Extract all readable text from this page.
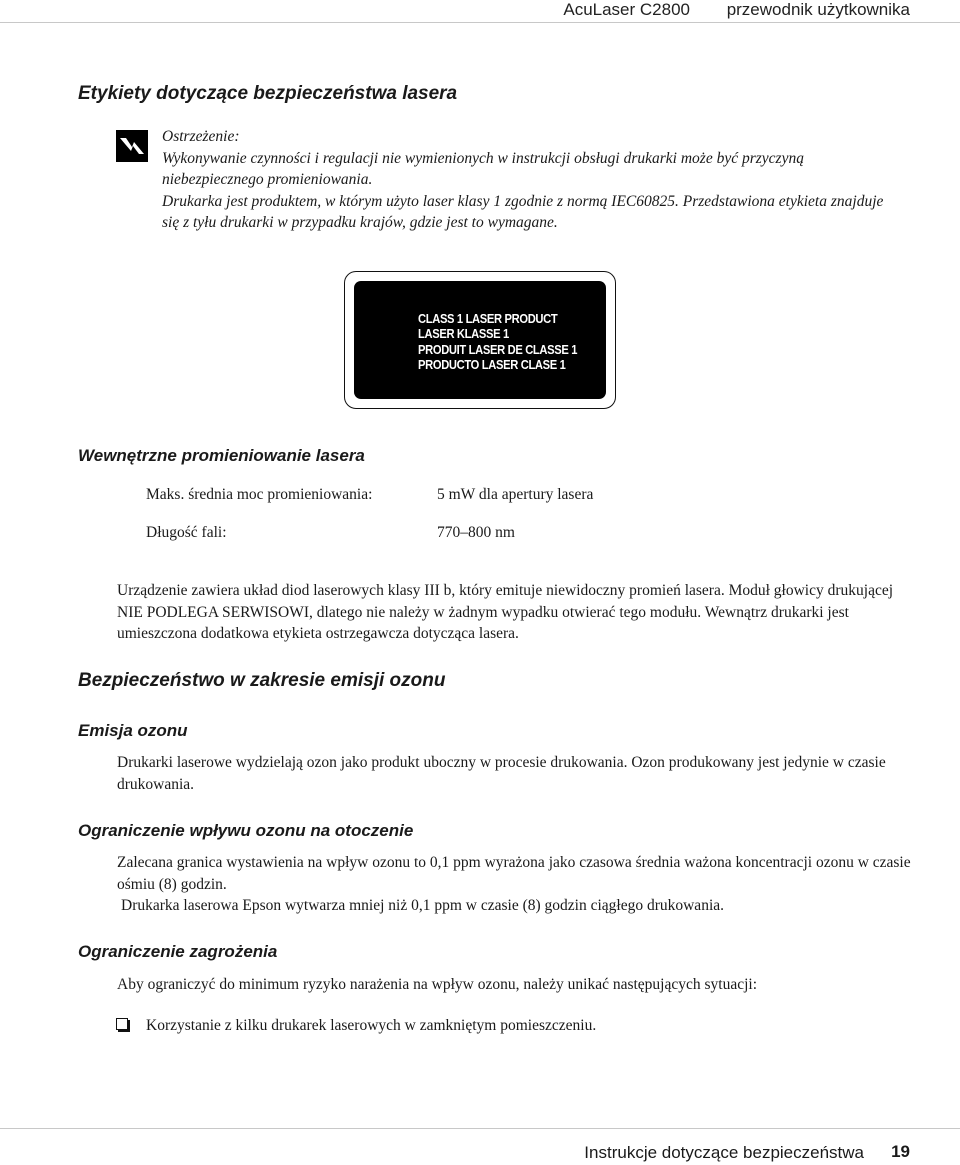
AcuLaser C2800 przewodnik użytkownika
Etykiety dotyczące bezpieczeństwa lasera

Ostrzeżenie:

Wykonywanie czynności i regulacji nie wymienionych w instrukcji obsługi drukarki może być przyczyną niebezpiecznego promieniowania.

Drukarka jest produktem, w którym użyto laser klasy 1 zgodnie z normą IEC60825. Przedstawiona etykieta znajduje się z tyłu drukarki w przypadku krajów, gdzie jest to wymagane.

CLASS 1 LASER PRODUCT
LASER KLASSE 1
PRODUIT LASER DE CLASSE 1
PRODUCTO LASER CLASE 1
Wewnętrzne promieniowanie lasera
Maks. średnia moc promieniowania:	5 mW dla apertury lasera
Długość fali:	770–800 nm

Urządzenie zawiera układ diod laserowych klasy III b, który emituje niewidoczny promień lasera. Moduł głowicy drukującej NIE PODLEGA SERWISOWI, dlatego nie należy w żadnym wypadku otwierać tego modułu. Wewnątrz drukarki jest umieszczona dodatkowa etykieta ostrzegawcza dotycząca lasera.

Bezpieczeństwo w zakresie emisji ozonu
Emisja ozonu

Drukarki laserowe wydzielają ozon jako produkt uboczny w procesie drukowania. Ozon produkowany jest jedynie w czasie drukowania.

Ograniczenie wpływu ozonu na otoczenie

Zalecana granica wystawienia na wpływ ozonu to 0,1 ppm wyrażona jako czasowa średnia ważona koncentracji ozonu w czasie ośmiu (8) godzin.

Drukarka laserowa Epson wytwarza mniej niż 0,1 ppm w czasie (8) godzin ciągłego drukowania.

Ograniczenie zagrożenia

Aby ograniczyć do minimum ryzyko narażenia na wpływ ozonu, należy unikać następujących sytuacji:

Korzystanie z kilku drukarek laserowych w zamkniętym pomieszczeniu.

Instrukcje dotyczące bezpieczeństwa 19
